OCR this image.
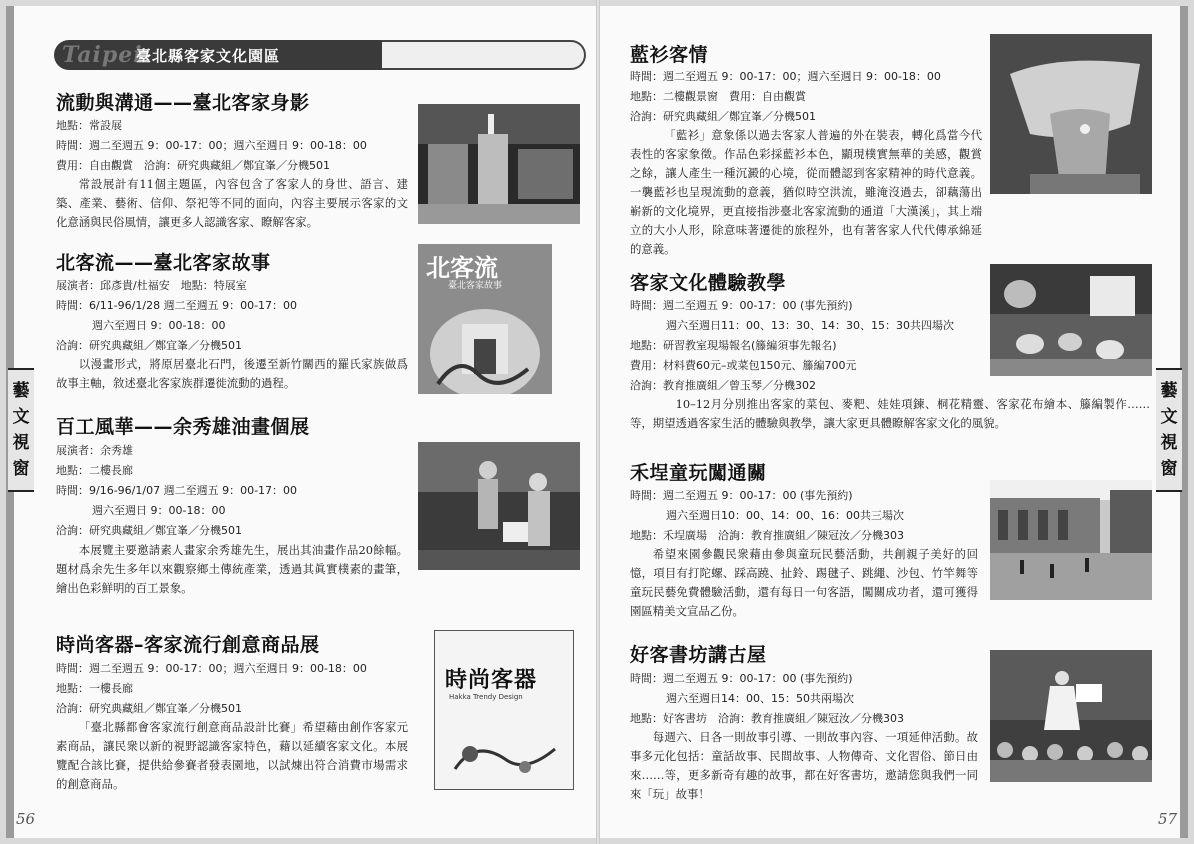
Taipei
臺北縣客家文化園區
流動與溝通——臺北客家身影
地點：常設展
時間：週二至週五 9：00-17：00；週六至週日 9：00-18：00
費用：自由觀賞　洽詢：研究典藏組／鄭宜峯／分機501
常設展計有11個主題區，內容包含了客家人的身世、語言、建築、產業、藝術、信仰、祭祀等不同的面向，內容主要展示客家的文化意涵與民俗風情，讓更多人認識客家、瞭解客家。
北客流——臺北客家故事
展演者：邱彥貴/杜福安　地點：特展室
時間：6/11-96/1/28 週二至週五 9：00-17：00
週六至週日 9：00-18：00
洽詢：研究典藏組／鄭宜峯／分機501
以漫畫形式，將原居臺北石門，後遷至新竹關西的羅氏家族做爲故事主軸，敘述臺北客家族群遷徙流動的過程。
北客流
臺北客家故事
百工風華——余秀雄油畫個展
展演者：余秀雄
地點：二樓長廊
時間：9/16-96/1/07 週二至週五 9：00-17：00
週六至週日 9：00-18：00
洽詢：研究典藏組／鄭宜峯／分機501
本展覽主要邀請素人畫家余秀雄先生，展出其油畫作品20餘幅。題材爲余先生多年以來觀察鄉土傳統產業，透過其眞實樸素的畫筆，繪出色彩鮮明的百工景象。
時尚客器–客家流行創意商品展
時間：週二至週五 9：00-17：00；週六至週日 9：00-18：00
地點：一樓長廊
洽詢：研究典藏組／鄭宜峯／分機501
「臺北縣都會客家流行創意商品設計比賽」希望藉由創作客家元素商品，讓民衆以新的視野認識客家特色，藉以延續客家文化。本展覽配合該比賽，提供給參賽者發表園地，以試煉出符合消費市場需求的創意商品。
時尚客器
Hakka Trendy Design
藝
文
視
窗
56
藍衫客情
時間：週二至週五 9：00-17：00；週六至週日 9：00-18：00
地點：二樓觀景窗　費用：自由觀賞
洽詢：研究典藏組／鄭宜峯／分機501
「藍衫」意象係以過去客家人普遍的外在裝表，轉化爲當今代表性的客家象徵。作品色彩採藍衫本色，顯現樸實無華的美感，觀賞之餘，讓人產生一種沉澱的心境，從而體認到客家精神的時代意義。一襲藍衫也呈現流動的意義，猶似時空洪流，雖淹沒過去，卻藕蕩出嶄新的文化境界，更直接指涉臺北客家流動的通道「大漢溪」，其上端立的大小人形，除意味著遷徙的旅程外，也有著客家人代代傳承綿延的意義。
客家文化體驗教學
時間：週二至週五 9：00-17：00 (事先預約)
週六至週日11：00、13：30、14：30、15：30共四場次
地點：研習教室現場報名(籐編須事先報名)
費用：材料費60元–或菜包150元、籐編700元
洽詢：教育推廣組／曾玉琴／分機302
10–12月分別推出客家的菜包、麥粑、娃娃項鍊、桐花精靈、客家花布繪本、籐編製作……等，期望透過客家生活的體驗與教學，讓大家更具體瞭解客家文化的風貌。
禾埕童玩闖通關
時間：週二至週五 9：00-17：00 (事先預約)
週六至週日10：00、14：00、16：00共三場次
地點：禾埕廣場　洽詢：教育推廣組／陳冠汝／分機303
希望來園參觀民衆藉由參與童玩民藝活動，共創親子美好的回憶，項目有打陀螺、踩高蹺、扯鈴、踢毽子、跳繩、沙包、竹竿舞等童玩民藝免費體驗活動，還有每日一句客語，闖關成功者，還可獲得園區精美文宣品乙份。
好客書坊講古屋
時間：週二至週五 9：00-17：00 (事先預約)
週六至週日14：00、15：50共兩場次
地點：好客書坊　洽詢：教育推廣組／陳冠汝／分機303
每週六、日各一則故事引導、一則故事內容、一項延伸活動。故事多元化包括：童話故事、民間故事、人物傳奇、文化習俗、節日由來……等，更多新奇有趣的故事，都在好客書坊，邀請您與我們一同來「玩」故事！
藝
文
視
窗
57
